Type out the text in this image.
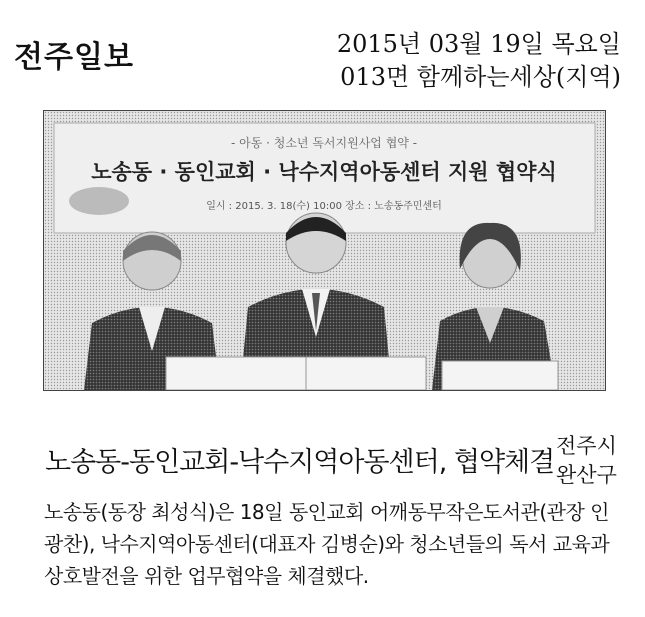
전주일보	2015년 03월 19일 목요일
013면 함께하는세상(지역)
- 아동 · 청소년 독서지원사업 협약 -
노송동 · 동인교회 · 낙수지역아동센터 지원 협약식
일시 : 2015. 3. 18(수) 10:00 장소 : 노송동주민센터
노송동-동인교회-낙수지역아동센터, 협약체결
전주시
완산구
노송동(동장 최성식)은 18일 동인교회 어깨동무작은도서관(관장 인광찬), 낙수지역아동센터(대표자 김병순)와 청소년들의 독서 교육과 상호발전을 위한 업무협약을 체결했다.
